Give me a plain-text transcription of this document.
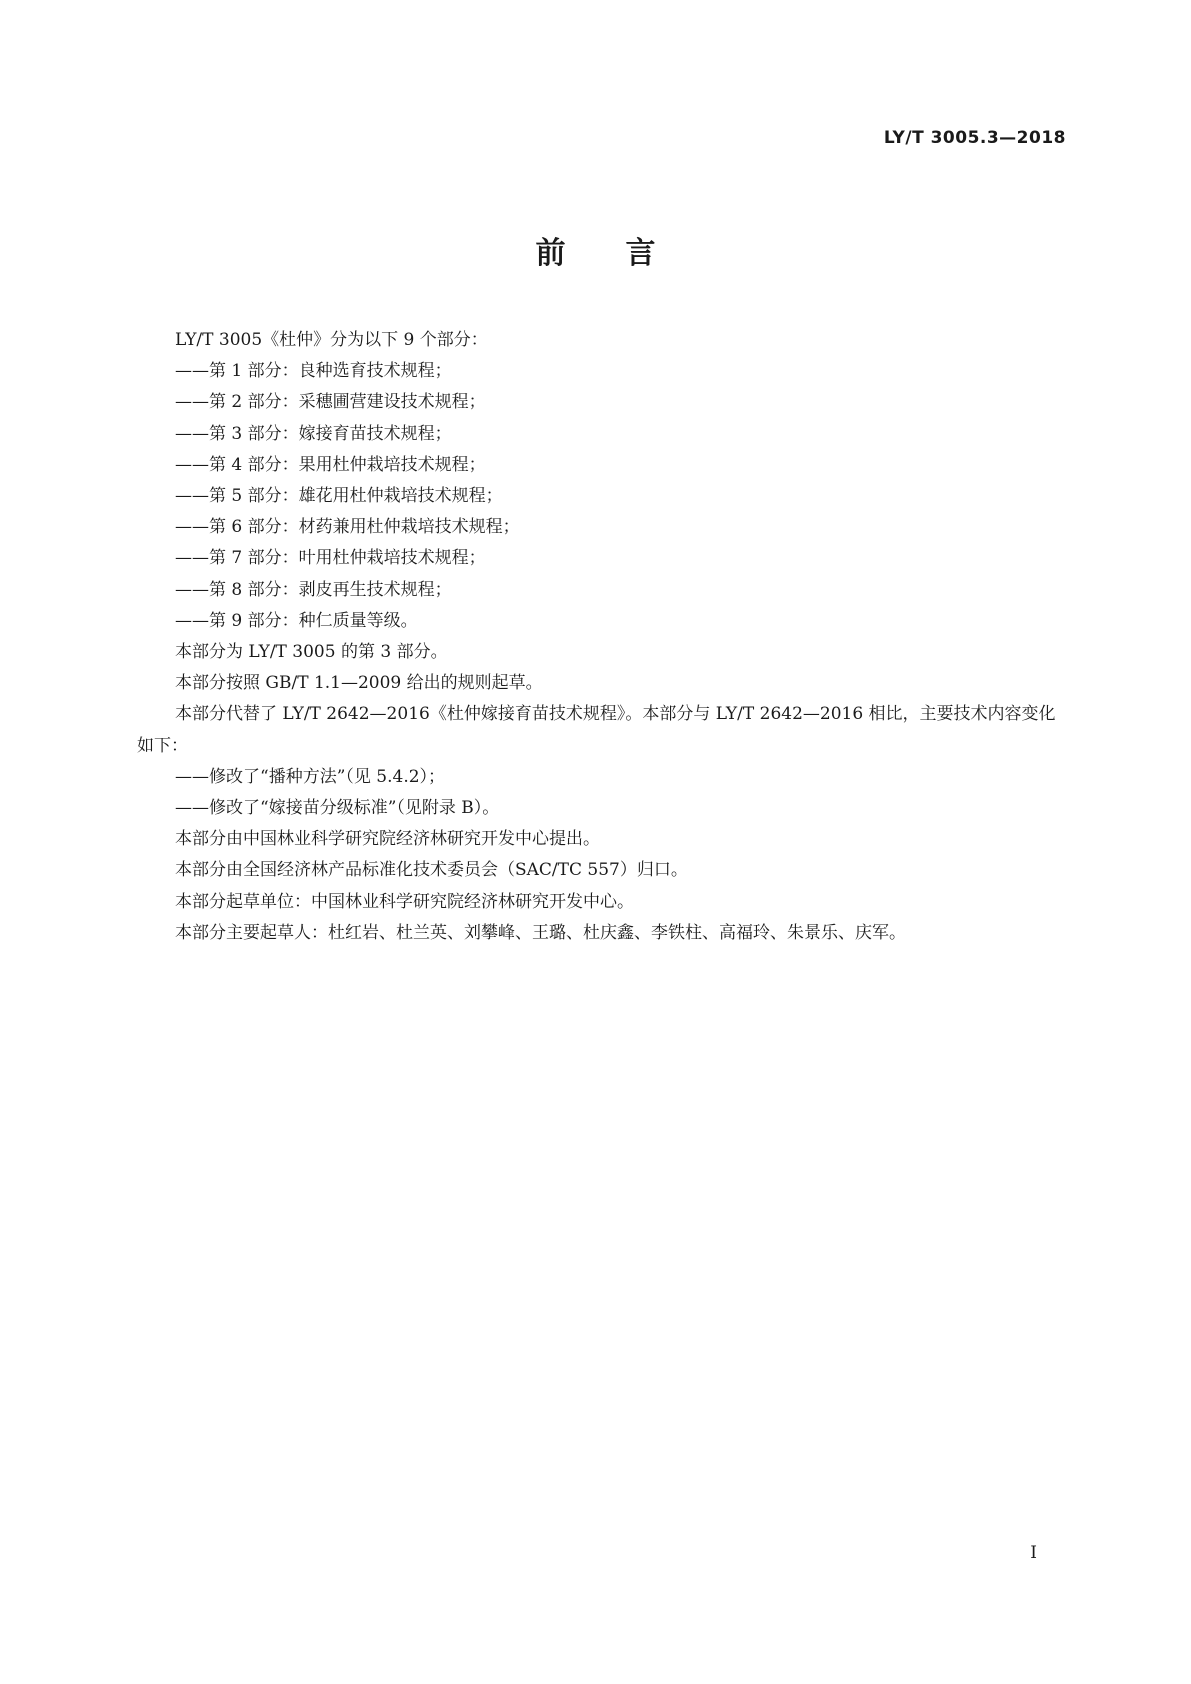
LY/T 3005.3—2018
前言

LY/T 3005《杜仲》分为以下 9 个部分：

——第 1 部分：良种选育技术规程；

——第 2 部分：采穗圃营建设技术规程；

——第 3 部分：嫁接育苗技术规程；

——第 4 部分：果用杜仲栽培技术规程；

——第 5 部分：雄花用杜仲栽培技术规程；

——第 6 部分：材药兼用杜仲栽培技术规程；

——第 7 部分：叶用杜仲栽培技术规程；

——第 8 部分：剥皮再生技术规程；

——第 9 部分：种仁质量等级。

本部分为 LY/T 3005 的第 3 部分。

本部分按照 GB/T 1.1—2009 给出的规则起草。

本部分代替了 LY/T 2642—2016《杜仲嫁接育苗技术规程》。本部分与 LY/T 2642—2016 相比，主要技术内容变化如下：

——修改了“播种方法”（见 5.4.2）；

——修改了“嫁接苗分级标准”（见附录 B）。

本部分由中国林业科学研究院经济林研究开发中心提出。

本部分由全国经济林产品标准化技术委员会（SAC/TC 557）归口。

本部分起草单位：中国林业科学研究院经济林研究开发中心。

本部分主要起草人：杜红岩、杜兰英、刘攀峰、王璐、杜庆鑫、李铁柱、高福玲、朱景乐、庆军。

I
